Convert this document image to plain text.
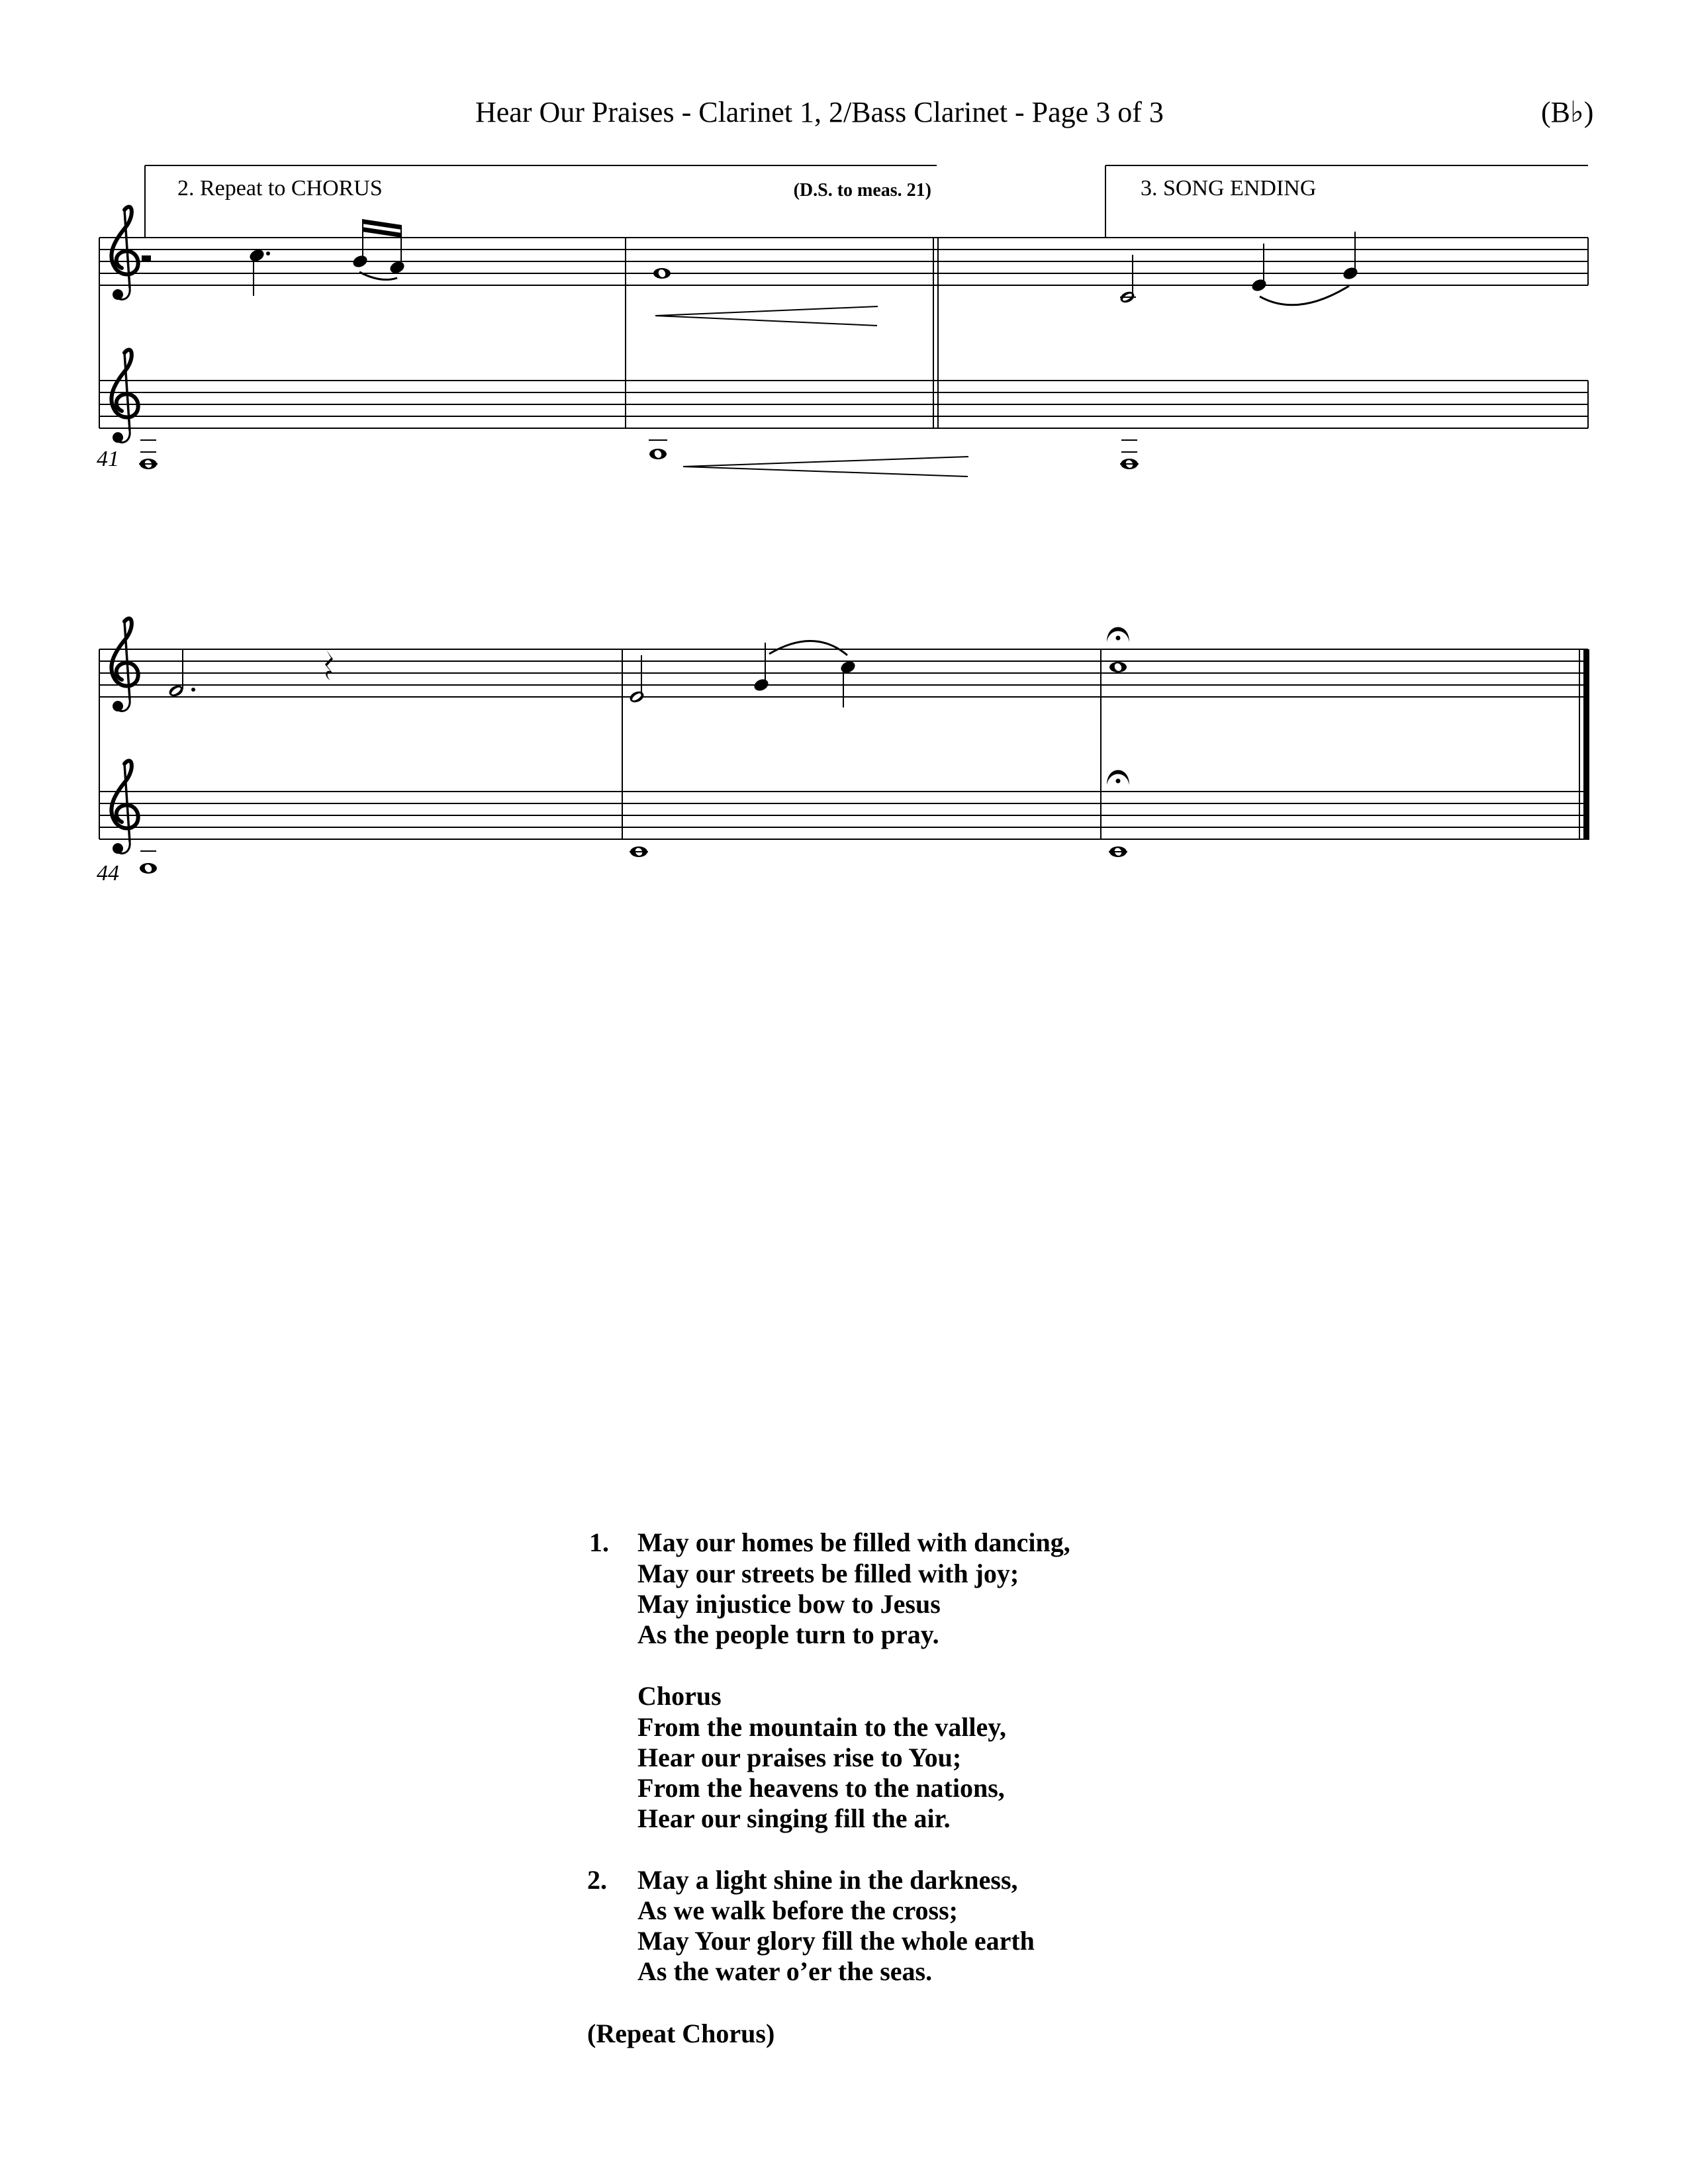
Hear Our Praises - Clarinet 1, 2/Bass Clarinet - Page 3 of 3	(B♭)
41
44
2. Repeat to CHORUS	(D.S. to meas. 21)	3. SONG ENDING
1. May our homes be filled with dancing,
May our streets be filled with joy;
May injustice bow to Jesus
As the people turn to pray.
Chorus
From the mountain to the valley,
Hear our praises rise to You;
From the heavens to the nations,
Hear our singing fill the air.
2. May a light shine in the darkness,
As we walk before the cross;
May Your glory fill the whole earth
As the water o’er the seas.
(Repeat Chorus)
